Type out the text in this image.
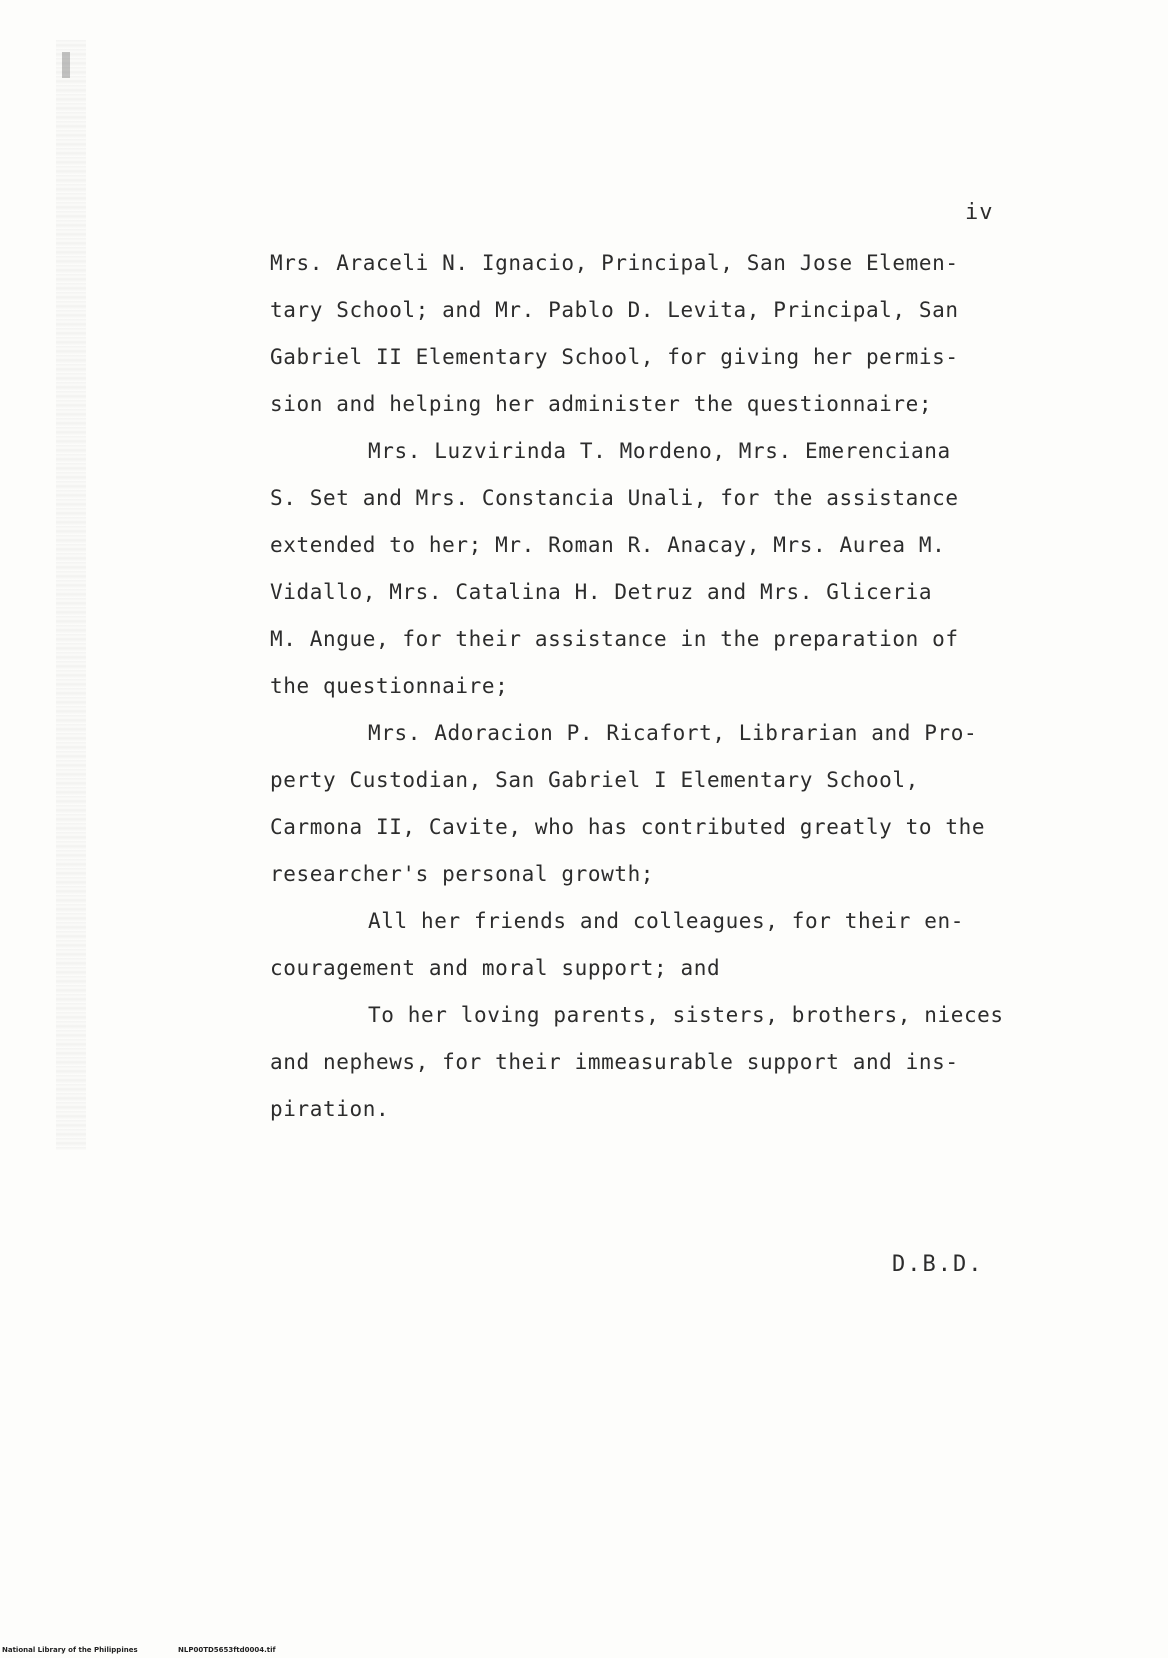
iv

Mrs. Araceli N. Ignacio, Principal, San Jose Elemen-

tary School; and Mr. Pablo D. Levita, Principal, San

Gabriel II Elementary School, for giving her permis-

sion and helping her administer the questionnaire;

Mrs. Luzvirinda T. Mordeno, Mrs. Emerenciana

S. Set and Mrs. Constancia Unali, for the assistance

extended to her; Mr. Roman R. Anacay, Mrs. Aurea M.

Vidallo, Mrs. Catalina H. Detruz and Mrs. Gliceria

M. Angue, for their assistance in the preparation of

the questionnaire;

Mrs. Adoracion P. Ricafort, Librarian and Pro-

perty Custodian, San Gabriel I Elementary School,

Carmona II, Cavite, who has contributed greatly to the

researcher's personal growth;

All her friends and colleagues, for their en-

couragement and moral support; and

To her loving parents, sisters, brothers, nieces

and nephews, for their immeasurable support and ins-

piration.

D.B.D.

National Library of the Philippines	NLP00TD5653ftd0004.tif
